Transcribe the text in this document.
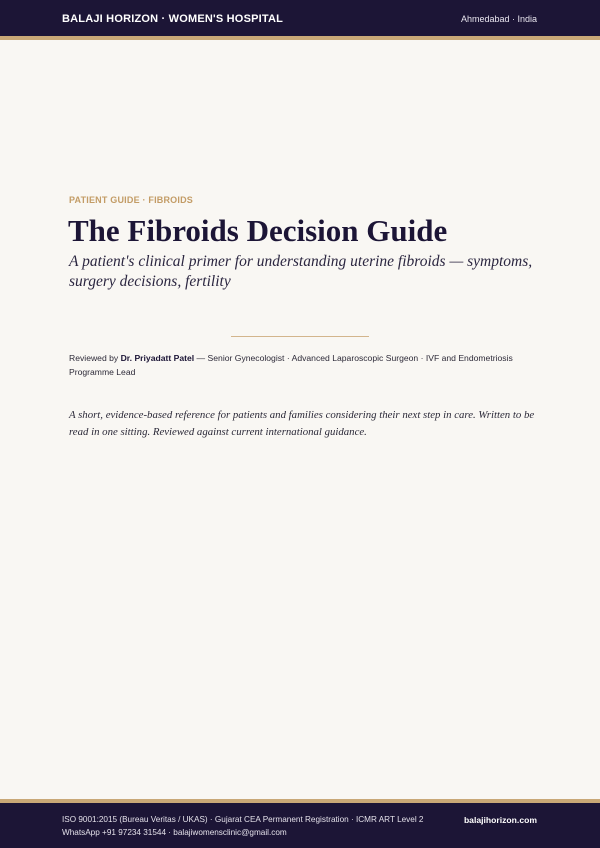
BALAJI HORIZON · WOMEN'S HOSPITAL	Ahmedabad · India
PATIENT GUIDE · FIBROIDS
The Fibroids Decision Guide

A patient's clinical primer for understanding uterine fibroids — symptoms, surgery decisions, fertility

Reviewed by Dr. Priyadatt Patel — Senior Gynecologist · Advanced Laparoscopic Surgeon · IVF and Endometriosis Programme Lead

A short, evidence-based reference for patients and families considering their next step in care. Written to be read in one sitting. Reviewed against current international guidance.

ISO 9001:2015 (Bureau Veritas / UKAS) · Gujarat CEA Permanent Registration · ICMR ART Level 2
WhatsApp +91 97234 31544 · balajiwomensclinic@gmail.com
balajihorizon.com
